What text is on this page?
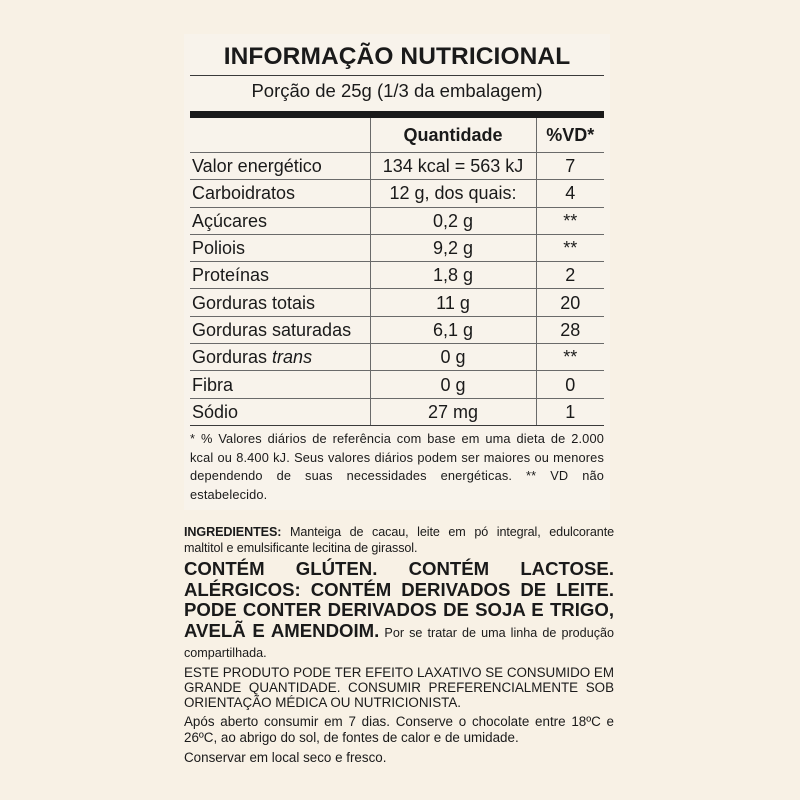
INFORMAÇÃO NUTRICIONAL
Porção de 25g (1/3 da embalagem)
	Quantidade	%VD*
Valor energético	134 kcal = 563 kJ	7
Carboidratos	12 g, dos quais:	4
Açúcares	0,2 g	**
Poliois	9,2 g	**
Proteínas	1,8 g	2
Gorduras totais	11 g	20
Gorduras saturadas	6,1 g	28
Gorduras trans	0 g	**
Fibra	0 g	0
Sódio	27 mg	1
* % Valores diários de referência com base em uma dieta de 2.000 kcal ou 8.400 kJ. Seus valores diários podem ser maiores ou menores dependendo de suas necessidades energéticas. ** VD não estabelecido.

INGREDIENTES: Manteiga de cacau, leite em pó integral, edulcorante maltitol e emulsificante lecitina de girassol.

CONTÉM GLÚTEN. CONTÉM LACTOSE. ALÉRGICOS: CONTÉM DERIVADOS DE LEITE. PODE CONTER DERIVADOS DE SOJA E TRIGO, AVELÃ E AMENDOIM. Por se tratar de uma linha de produção compartilhada.

ESTE PRODUTO PODE TER EFEITO LAXATIVO SE CONSUMIDO EM GRANDE QUANTIDADE. CONSUMIR PREFERENCIALMENTE SOB ORIENTAÇÃO MÉDICA OU NUTRICIONISTA.

Após aberto consumir em 7 dias. Conserve o chocolate entre 18ºC e 26ºC, ao abrigo do sol, de fontes de calor e de umidade.

Conservar em local seco e fresco.
